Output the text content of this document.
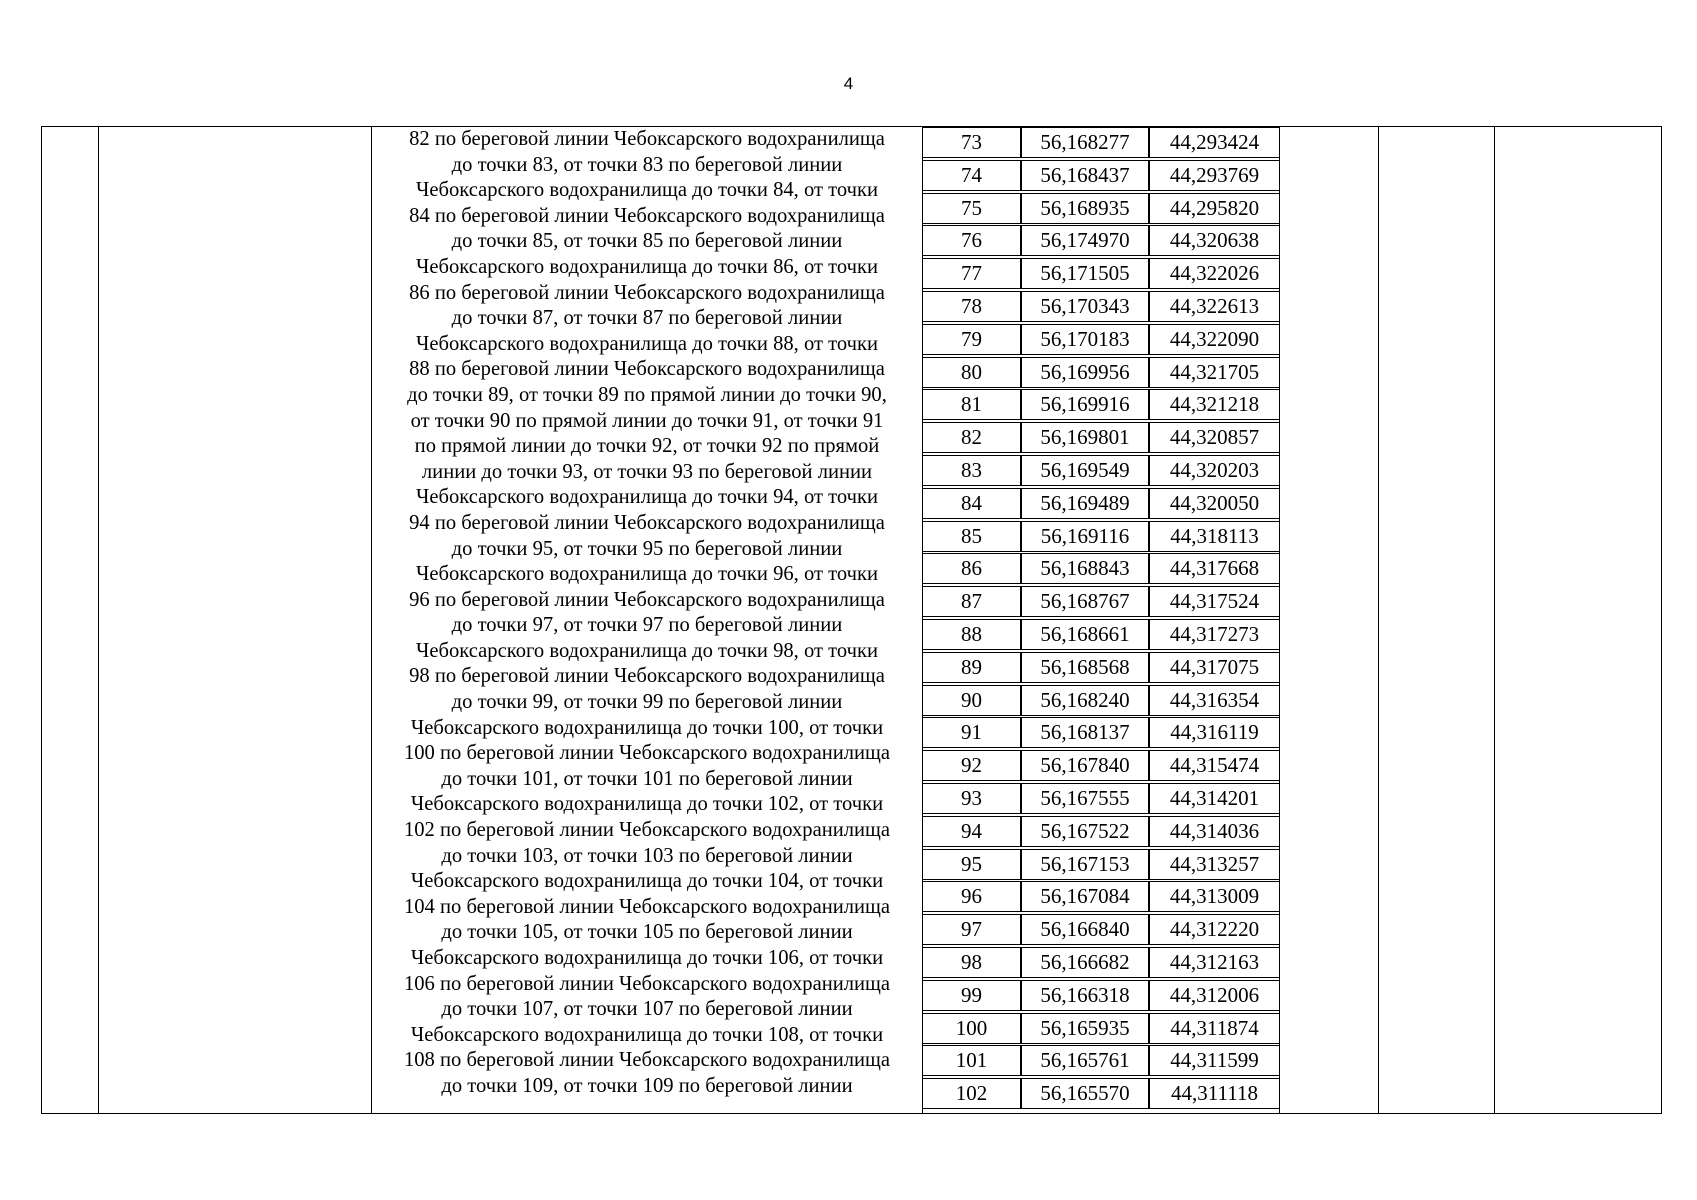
4
82 по береговой линии Чебоксарского водохранилища
до точки 83, от точки 83 по береговой линии
Чебоксарского водохранилища до точки 84, от точки
84 по береговой линии Чебоксарского водохранилища
до точки 85, от точки 85 по береговой линии
Чебоксарского водохранилища до точки 86, от точки
86 по береговой линии Чебоксарского водохранилища
до точки 87, от точки 87 по береговой линии
Чебоксарского водохранилища до точки 88, от точки
88 по береговой линии Чебоксарского водохранилища
до точки 89, от точки 89 по прямой линии до точки 90,
от точки 90 по прямой линии до точки 91, от точки 91
по прямой линии до точки 92, от точки 92 по прямой
линии до точки 93, от точки 93 по береговой линии
Чебоксарского водохранилища до точки 94, от точки
94 по береговой линии Чебоксарского водохранилища
до точки 95, от точки 95 по береговой линии
Чебоксарского водохранилища до точки 96, от точки
96 по береговой линии Чебоксарского водохранилища
до точки 97, от точки 97 по береговой линии
Чебоксарского водохранилища до точки 98, от точки
98 по береговой линии Чебоксарского водохранилища
до точки 99, от точки 99 по береговой линии
Чебоксарского водохранилища до точки 100, от точки
100 по береговой линии Чебоксарского водохранилища
до точки 101, от точки 101 по береговой линии
Чебоксарского водохранилища до точки 102, от точки
102 по береговой линии Чебоксарского водохранилища
до точки 103, от точки 103 по береговой линии
Чебоксарского водохранилища до точки 104, от точки
104 по береговой линии Чебоксарского водохранилища
до точки 105, от точки 105 по береговой линии
Чебоксарского водохранилища до точки 106, от точки
106 по береговой линии Чебоксарского водохранилища
до точки 107, от точки 107 по береговой линии
Чебоксарского водохранилища до точки 108, от точки
108 по береговой линии Чебоксарского водохранилища
до точки 109, от точки 109 по береговой линии
73	56,168277	44,293424
74	56,168437	44,293769
75	56,168935	44,295820
76	56,174970	44,320638
77	56,171505	44,322026
78	56,170343	44,322613
79	56,170183	44,322090
80	56,169956	44,321705
81	56,169916	44,321218
82	56,169801	44,320857
83	56,169549	44,320203
84	56,169489	44,320050
85	56,169116	44,318113
86	56,168843	44,317668
87	56,168767	44,317524
88	56,168661	44,317273
89	56,168568	44,317075
90	56,168240	44,316354
91	56,168137	44,316119
92	56,167840	44,315474
93	56,167555	44,314201
94	56,167522	44,314036
95	56,167153	44,313257
96	56,167084	44,313009
97	56,166840	44,312220
98	56,166682	44,312163
99	56,166318	44,312006
100	56,165935	44,311874
101	56,165761	44,311599
102	56,165570	44,311118
